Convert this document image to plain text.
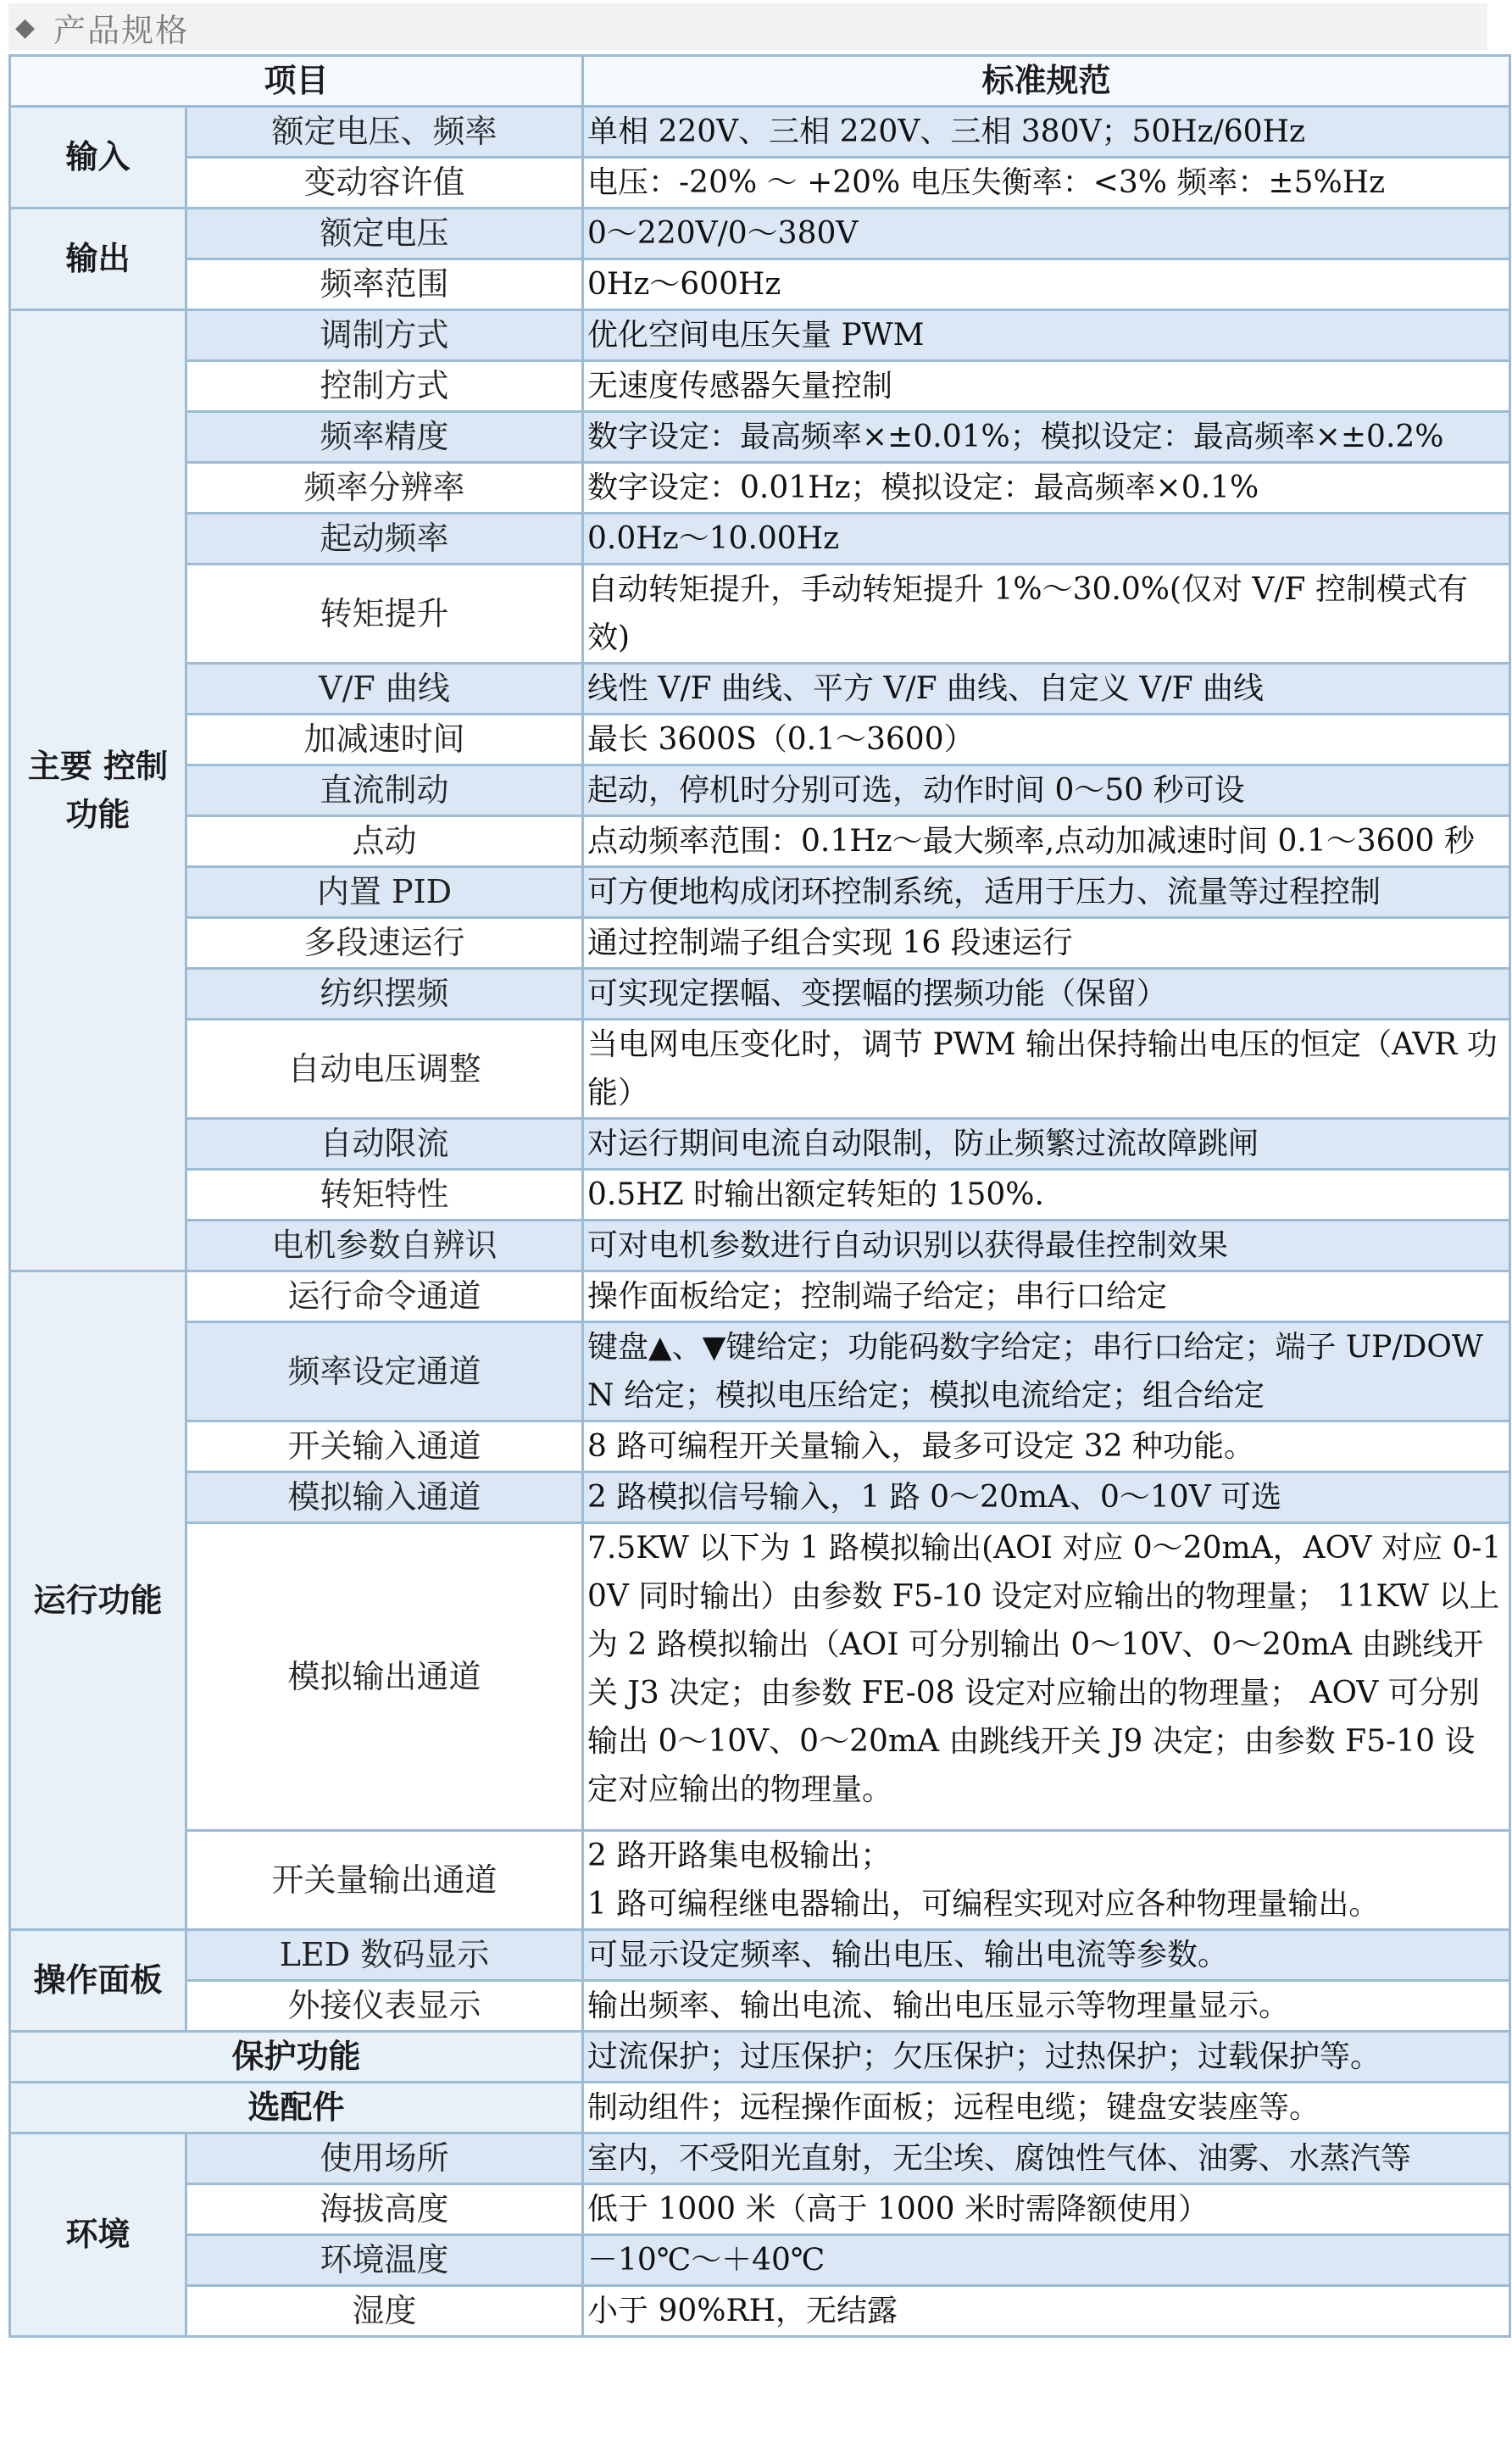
◆ 产品规格
项目		标准规范
输入	额定电压、频率	单相 220V、三相 220V、三相 380V；50Hz/60Hz
	变动容许值	电压：-20% ～ +20% 电压失衡率：<3% 频率：±5%Hz
输出	额定电压	0～220V/0～380V
	频率范围	0Hz～600Hz
主要 控制功能	调制方式	优化空间电压矢量 PWM
	控制方式	无速度传感器矢量控制
	频率精度	数字设定：最高频率×±0.01%；模拟设定：最高频率×±0.2%
	频率分辨率	数字设定：0.01Hz；模拟设定：最高频率×0.1%
	起动频率	0.0Hz～10.00Hz
	转矩提升	自动转矩提升，手动转矩提升 1%～30.0%(仅对 V/F 控制模式有效)
	V/F 曲线	线性 V/F 曲线、平方 V/F 曲线、自定义 V/F 曲线
	加减速时间	最长 3600S（0.1～3600）
	直流制动	起动，停机时分别可选，动作时间 0～50 秒可设
	点动	点动频率范围：0.1Hz～最大频率,点动加减速时间 0.1～3600 秒
	内置 PID	可方便地构成闭环控制系统，适用于压力、流量等过程控制
	多段速运行	通过控制端子组合实现 16 段速运行
	纺织摆频	可实现定摆幅、变摆幅的摆频功能（保留）
	自动电压调整	当电网电压变化时，调节 PWM 输出保持输出电压的恒定（AVR 功能）
	自动限流	对运行期间电流自动限制，防止频繁过流故障跳闸
	转矩特性	0.5HZ 时输出额定转矩的 150%.
	电机参数自辨识	可对电机参数进行自动识别以获得最佳控制效果
运行功能	运行命令通道	操作面板给定；控制端子给定；串行口给定
	频率设定通道	键盘▲、▼键给定；功能码数字给定；串行口给定；端子 UP/DOWN 给定；模拟电压给定；模拟电流给定；组合给定
	开关输入通道	8 路可编程开关量输入，最多可设定 32 种功能。
	模拟输入通道	2 路模拟信号输入，1 路 0～20mA、0～10V 可选
	模拟输出通道	7.5KW 以下为 1 路模拟输出(AOI 对应 0～20mA，AOV 对应 0-10V 同时输出）由参数 F5-10 设定对应输出的物理量； 11KW 以上为 2 路模拟输出（AOI 可分别输出 0～10V、0～20mA 由跳线开关 J3 决定；由参数 FE-08 设定对应输出的物理量； AOV 可分别输出 0～10V、0～20mA 由跳线开关 J9 决定；由参数 F5-10 设定对应输出的物理量。
	开关量输出通道	2 路开路集电极输出；
1 路可编程继电器输出，可编程实现对应各种物理量输出。

操作面板	LED 数码显示	可显示设定频率、输出电压、输出电流等参数。
	外接仪表显示	输出频率、输出电流、输出电压显示等物理量显示。
保护功能		过流保护；过压保护；欠压保护；过热保护；过载保护等。
选配件		制动组件；远程操作面板；远程电缆；键盘安装座等。
环境	使用场所	室内，不受阳光直射，无尘埃、腐蚀性气体、油雾、水蒸汽等
	海拔高度	低于 1000 米（高于 1000 米时需降额使用）
	环境温度	－10℃～＋40℃
	湿度	小于 90%RH，无结露
